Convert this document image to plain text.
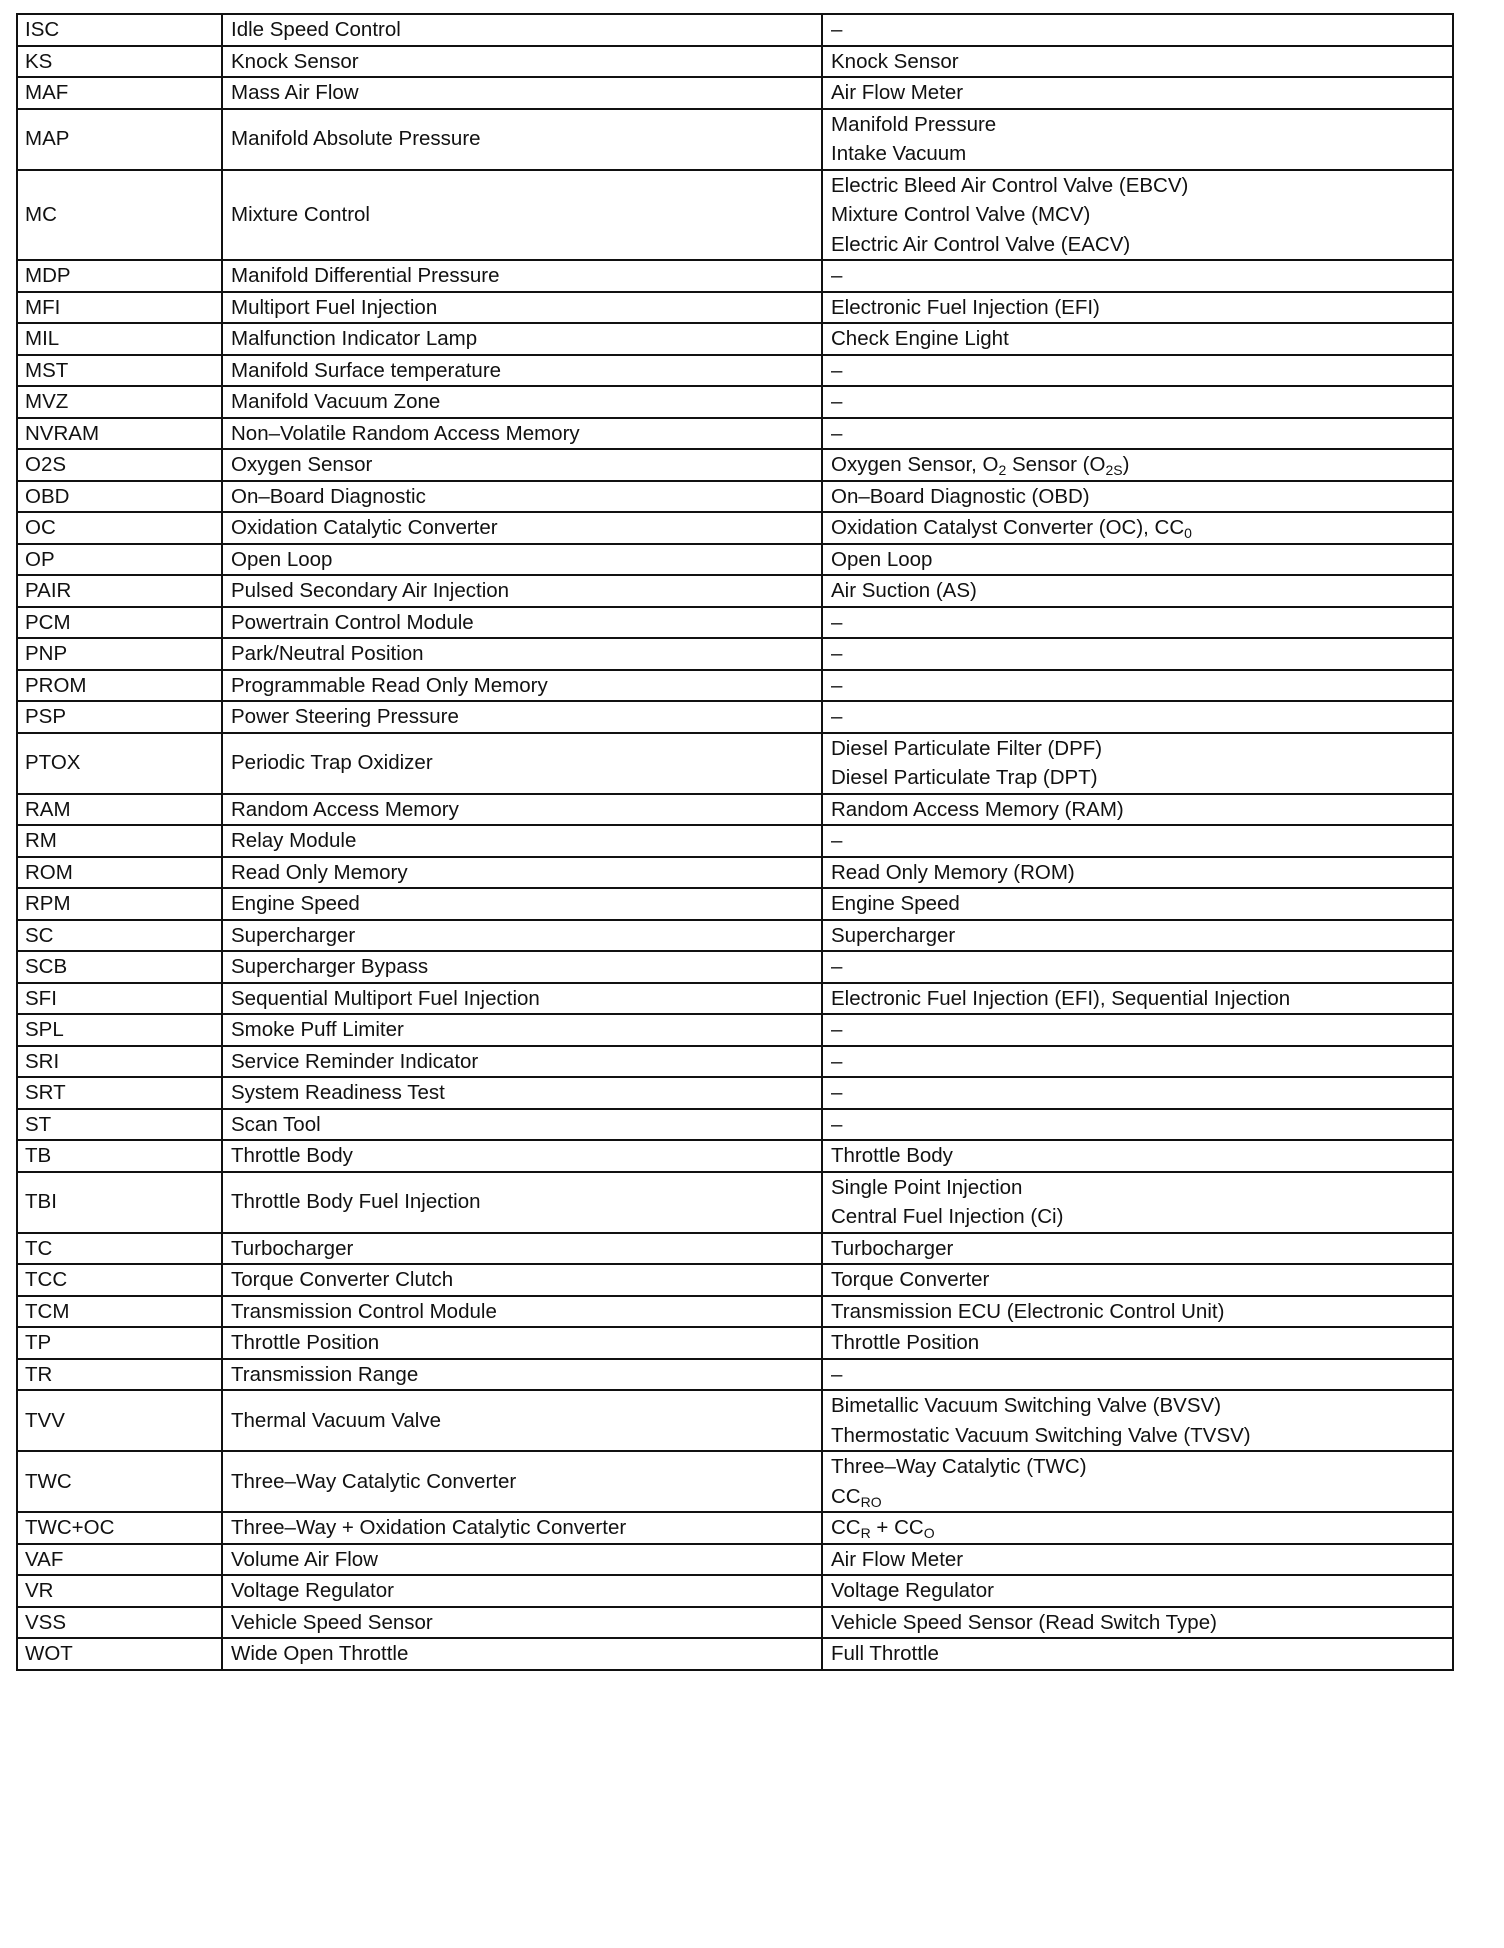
ISC	Idle Speed Control	–

KS	Knock Sensor	Knock Sensor

MAF	Mass Air Flow	Air Flow Meter

MAP	Manifold Absolute Pressure	Manifold Pressure
Intake Vacuum

MC	Mixture Control	Electric Bleed Air Control Valve (EBCV)
Mixture Control Valve (MCV)
Electric Air Control Valve (EACV)

MDP	Manifold Differential Pressure	–

MFI	Multiport Fuel Injection	Electronic Fuel Injection (EFI)

MIL	Malfunction Indicator Lamp	Check Engine Light

MST	Manifold Surface temperature	–

MVZ	Manifold Vacuum Zone	–

NVRAM	Non–Volatile Random Access Memory	–

O2S	Oxygen Sensor	Oxygen Sensor, $O_2$ Sensor $(O_{2S})$

OBD	On–Board Diagnostic	On–Board Diagnostic (OBD)

OC	Oxidation Catalytic Converter	Oxidation Catalyst Converter (OC), $CC_0$

OP	Open Loop	Open Loop

PAIR	Pulsed Secondary Air Injection	Air Suction (AS)

PCM	Powertrain Control Module	–

PNP	Park/Neutral Position	–

PROM	Programmable Read Only Memory	–

PSP	Power Steering Pressure	–

PTOX	Periodic Trap Oxidizer	Diesel Particulate Filter (DPF)
Diesel Particulate Trap (DPT)

RAM	Random Access Memory	Random Access Memory (RAM)

RM	Relay Module	–

ROM	Read Only Memory	Read Only Memory (ROM)

RPM	Engine Speed	Engine Speed

SC	Supercharger	Supercharger

SCB	Supercharger Bypass	–

SFI	Sequential Multiport Fuel Injection	Electronic Fuel Injection (EFI), Sequential Injection

SPL	Smoke Puff Limiter	–

SRI	Service Reminder Indicator	–

SRT	System Readiness Test	–

ST	Scan Tool	–

TB	Throttle Body	Throttle Body

TBI	Throttle Body Fuel Injection	Single Point Injection
Central Fuel Injection (Ci)

TC	Turbocharger	Turbocharger

TCC	Torque Converter Clutch	Torque Converter

TCM	Transmission Control Module	Transmission ECU (Electronic Control Unit)

TP	Throttle Position	Throttle Position

TR	Transmission Range	–

TVV	Thermal Vacuum Valve	Bimetallic Vacuum Switching Valve (BVSV)
Thermostatic Vacuum Switching Valve (TVSV)

TWC	Three–Way Catalytic Converter	Three–Way Catalytic (TWC)
$CC_{RO}$

TWC+OC	Three–Way + Oxidation Catalytic Converter	$CC_R + CC_O$

VAF	Volume Air Flow	Air Flow Meter

VR	Voltage Regulator	Voltage Regulator

VSS	Vehicle Speed Sensor	Vehicle Speed Sensor (Read Switch Type)

WOT	Wide Open Throttle	Full Throttle
